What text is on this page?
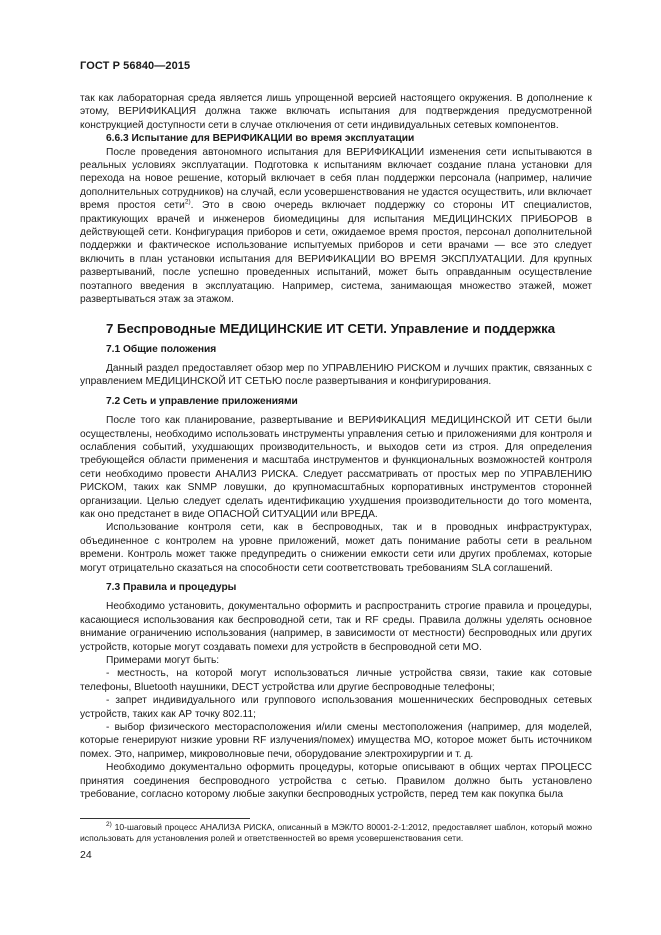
ГОСТ Р 56840—2015

так как лабораторная среда является лишь упрощенной версией настоящего окружения. В дополнение к этому, ВЕРИФИКАЦИЯ должна также включать испытания для подтверждения предусмотренной конструкцией доступности сети в случае отключения от сети индивидуальных сетевых компонентов.

6.6.3 Испытание для ВЕРИФИКАЦИИ во время эксплуатации

После проведения автономного испытания для ВЕРИФИКАЦИИ изменения сети испытываются в реальных условиях эксплуатации. Подготовка к испытаниям включает создание плана установки для перехода на новое решение, который включает в себя план поддержки персонала (например, наличие дополнительных сотрудников) на случай, если усовершенствования не удастся осуществить, или включает время простоя сети$^{2)}$. Это в свою очередь включает поддержку со стороны ИТ специалистов, практикующих врачей и инженеров биомедицины для испытания МЕДИЦИНСКИХ ПРИБОРОВ в действующей сети. Конфигурация приборов и сети, ожидаемое время простоя, персонал дополнительной поддержки и фактическое использование испытуемых приборов и сети врачами — все это следует включить в план установки испытания для ВЕРИФИКАЦИИ ВО ВРЕМЯ ЭКСПЛУАТАЦИИ. Для крупных развертываний, после успешно проведенных испытаний, может быть оправданным осуществление поэтапного введения в эксплуатацию. Например, система, занимающая множество этажей, может развертываться этаж за этажом.

7 Беспроводные МЕДИЦИНСКИЕ ИТ СЕТИ. Управление и поддержка
7.1 Общие положения

Данный раздел предоставляет обзор мер по УПРАВЛЕНИЮ РИСКОМ и лучших практик, связанных с управлением МЕДИЦИНСКОЙ ИТ СЕТЬЮ после развертывания и конфигурирования.

7.2 Сеть и управление приложениями

После того как планирование, развертывание и ВЕРИФИКАЦИЯ МЕДИЦИНСКОЙ ИТ СЕТИ были осуществлены, необходимо использовать инструменты управления сетью и приложениями для контроля и ослабления событий, ухудшающих производительность, и выходов сети из строя. Для определения требующейся области применения и масштаба инструментов и функциональных возможностей контроля сети необходимо провести АНАЛИЗ РИСКА. Следует рассматривать от простых мер по УПРАВЛЕНИЮ РИСКОМ, таких как SNMP ловушки, до крупномасштабных корпоративных инструментов сторонней организации. Целью следует сделать идентификацию ухудшения производительности до того момента, как оно предстанет в виде ОПАСНОЙ СИТУАЦИИ или ВРЕДА.

Использование контроля сети, как в беспроводных, так и в проводных инфраструктурах, объединенное с контролем на уровне приложений, может дать понимание работы сети в реальном времени. Контроль может также предупредить о снижении емкости сети или других проблемах, которые могут отрицательно сказаться на способности сети соответствовать требованиям SLA соглашений.

7.3 Правила и процедуры

Необходимо установить, документально оформить и распространить строгие правила и процедуры, касающиеся использования как беспроводной сети, так и RF среды. Правила должны уделять основное внимание ограничению использования (например, в зависимости от местности) беспроводных или других устройств, которые могут создавать помехи для устройств в беспроводной сети МО.

Примерами могут быть:

- местность, на которой могут использоваться личные устройства связи, такие как сотовые телефоны, Bluetooth наушники, DECT устройства или другие беспроводные телефоны;

- запрет индивидуального или группового использования мошеннических беспроводных сетевых устройств, таких как АР точку 802.11;

- выбор физического месторасположения и/или смены местоположения (например, для моделей, которые генерируют низкие уровни RF излучения/помех) имущества МО, которое может быть источником помех. Это, например, микроволновые печи, оборудование электрохирургии и т. д.

Необходимо документально оформить процедуры, которые описывают в общих чертах ПРОЦЕСС принятия соединения беспроводного устройства с сетью. Правилом должно быть установлено требование, согласно которому любые закупки беспроводных устройств, перед тем как покупка была

$^{2)}$ 10-шаговый процесс АНАЛИЗА РИСКА, описанный в МЭК/ТО 80001-2-1:2012, предоставляет шаблон, который можно использовать для установления ролей и ответственностей во время усовершенствования сети.
24
